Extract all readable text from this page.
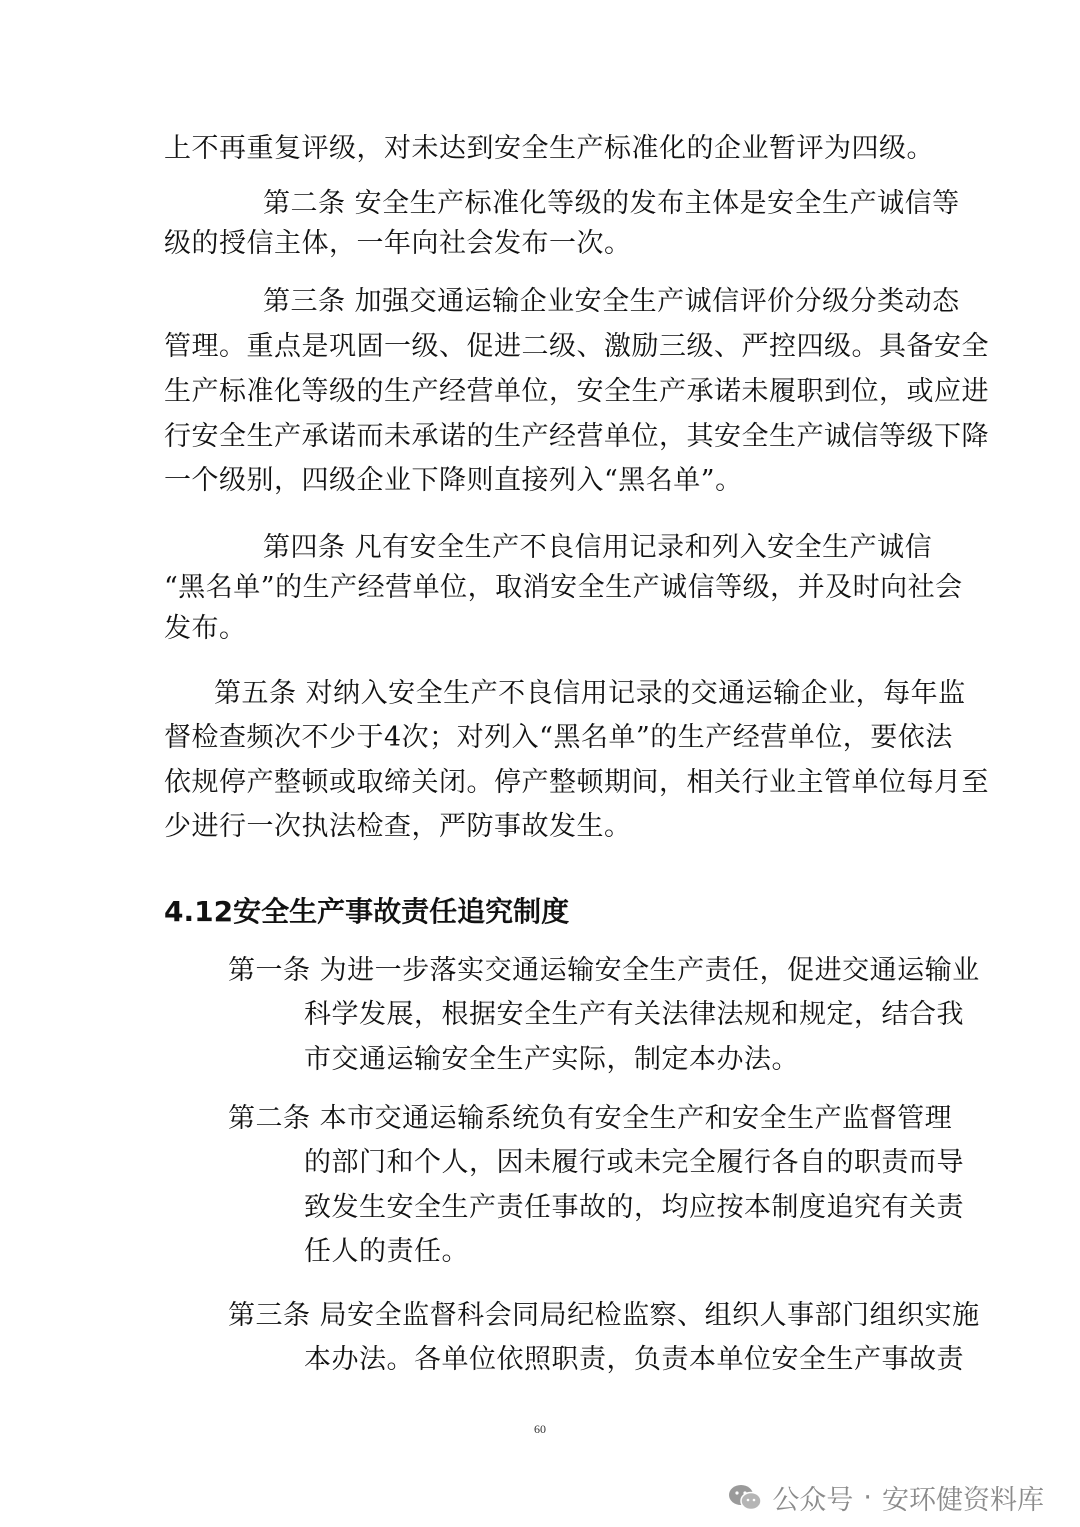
上不再重复评级，对未达到安全生产标准化的企业暂评为四级。
第二条 安全生产标准化等级的发布主体是安全生产诚信等
级的授信主体，一年向社会发布一次。
第三条 加强交通运输企业安全生产诚信评价分级分类动态
管理。重点是巩固一级、促进二级、激励三级、严控四级。具备安全
生产标准化等级的生产经营单位，安全生产承诺未履职到位，或应进
行安全生产承诺而未承诺的生产经营单位，其安全生产诚信等级下降
一个级别，四级企业下降则直接列入“黑名单”。
第四条 凡有安全生产不良信用记录和列入安全生产诚信
“黑名单”的生产经营单位，取消安全生产诚信等级，并及时向社会
发布。
第五条 对纳入安全生产不良信用记录的交通运输企业，每年监
督检查频次不少于4次；对列入“黑名单”的生产经营单位，要依法
依规停产整顿或取缔关闭。停产整顿期间，相关行业主管单位每月至
少进行一次执法检查，严防事故发生。
4.12安全生产事故责任追究制度
第一条 为进一步落实交通运输安全生产责任，促进交通运输业
科学发展，根据安全生产有关法律法规和规定，结合我
市交通运输安全生产实际，制定本办法。
第二条 本市交通运输系统负有安全生产和安全生产监督管理
的部门和个人，因未履行或未完全履行各自的职责而导
致发生安全生产责任事故的，均应按本制度追究有关责
任人的责任。
第三条 局安全监督科会同局纪检监察、组织人事部门组织实施
本办法。各单位依照职责，负责本单位安全生产事故责
60
公众号 · 安环健资料库
